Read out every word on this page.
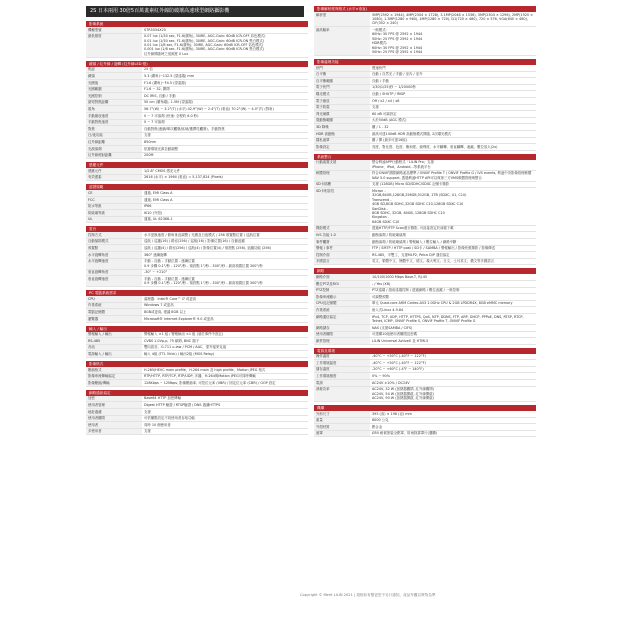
2S 日本兩用 30倍5百萬畫素紅外線防破壞高速球型網路攝影機
影像系統
機種型號	S7R5554X25
最低照度	0.07 lux (1/30 sec, F1.6(廣角), 30IRE, AGC-Gain: 60dB ICR-OFF 彩色模式)
0.01 lux (1/30 sec, F1.6(廣角), 30IRE, AGC-Gain: 60dB ICR-ON 黑白模式)
0.01 lux (1/8 sec, F1.6(廣角), 30IRE, AGC-Gain: 60dB ICR-OFF 彩色模式)
0.001 lux (1/8 sec, F1.6(廣角), 30IRE, AGC-Gain: 60dB ICR-ON 黑白模式)
紅外線開啟時之低照度 0 Lux
鏡頭 / 紅外線 / 旋轉 (紅外線LED 燈)
焦距	25 倍
鏡頭	5.3 (廣角)~132.5 (望遠端) mm
光圈值	F1.6 (廣角)~F4.5 (望遠端)
光圈範圍	F1.6 ~ 32, 開閉
光圈控制	DC IRIS, 自動 / 手動
最短對焦距離	50 cm (廣角端), 1.5M (望遠端)
視角	56.7°(W) ~ 3.2°(T) (水平) 42.9°(W) ~ 2.4°(T) (垂直) 70.2°(W) ~ 4.0°(T) (對角)
手動縮放速度	0 ~ 7 可偵測 (快速: 全程約 6.0 秒)
手動對焦速度	0 ~ 7 可偵測
對焦	自動對焦(連續/單次觸發/區域/選擇性觸發)，手動對焦
日/夜功能	支援
紅外線距離	850nm
光源偵測	依據環境光源自動調整
紅外線照射距離	200M
感應元件
感應元件	1/2.8" CMOS 感光元件
有效畫素	2616 (水平) × 1964 (垂直) = 5,137,824 (Pixels)
認證規範
CE	通過, EMI Class A
FCC	通過, EMI Class A
防水等級	IP66
防破壞等級	IK10 (外殼)
UL	通過, UL 62368-1
雲台
控制方式	水平更換速度 / 俯角垂直調整 / 光圈及日夜模式 / 256 預置點位置 / 巡航位置
自動掃描模式	巡航 / 巡邏(16) / 路徑(256) / 巡航(16) / 影像位置(16) / 自動追蹤
預置點	巡航 / 巡邏(4) / 路徑(256) / 巡航(4) / 影像位置(4) / 預設點 (256), 追蹤功能 (256)
水平旋轉角度	360° 連續旋轉
水平旋轉速度	手動 - 自動 - 手動位置 - 連續位置
0.9 步驟 0.1°/秒 - 120°/秒 - 預設點 1°/秒 - 300°/秒 - 最高預置位置 300°/秒
垂直旋轉角度	-30° ~ +210°
垂直旋轉速度	手動 - 自動 - 手動位置 - 連續位置
0.9 步驟 0.1°/秒 - 120°/秒 - 預設點 1°/秒 - 300°/秒 - 最高預置位置 300°/秒
PC 電腦系統需求
CPU	處理器：Intel® Core™ i7 或更高
作業系統	Windows 7 或更高
電腦記憶體	8GB或更高, 建議 8GB 以上
瀏覽器	Microsoft® Internet Explorer® 9.0 或更高
輸入 / 輸出
警報輸入 / 輸出	警報輸入 ×1 組 / 警報輸出 ×1 組 (須於事件中設定)
RS-485	CVBS 1.0Vp-p, 75 歐姆, BNC 端子
音訊	雙向語音，G.711 u-law / PCM / AAC，需外接麥克風
電源輸入 / 輸出	輸入 4組 (TTL 5Vdc) / 輸出2組 (MOS Relay)
影像格式
壓縮格式	H.265/HEVC main profile、H.264 main 及 high profile、Motion JPEG 格式
影像串流傳輸協定	RTP/HTTP, RTP/TCP, RTP/UDP, 多播、H.264與Motion JPEG可同時傳輸
影像壓縮/傳輸	128Kbps ~ 12Mbps, 影像壓縮率, 可控位元率 (VBR) / 固定位元率 (CBR) / GOP 設定
網路通訊協定
加密	Base64 HTTP 加密傳輸
使用者管理	Digest HTTP 驗證 / RTSP驗證 / DNS 過濾HTTPS
地址過濾	支援
使用者權限	可依權限設定不同使用者存取功能
使用者	同時 10 個使用者
多使用者	支援
影像解析度與格式 (水平×垂直)
解析度	5MP(2592 × 1944), 4MP(2304 × 1728), 3.1MP(2048 × 1536), 3MP(2304 × 1296), 2MP(1920 × 1080), 1.3MP(1280 × 960), 1MP(1280 × 720), D1(720 × 480), 720 × 576, VGA(640 × 480), CIF(352 × 240)
最高幀率	一般模式:
60Hz: 30 FPS @ 2592 × 1944
50Hz: 25 FPS @ 2592 × 1944
HDR模式:
60Hz: 30 FPS @ 2592 × 1944
50Hz: 25 FPS @ 2592 × 1944
影像處理功能
快門	慢速快門
白平衡	自動 / 自然光 / 手動 / 室內 / 室外
自平衡範圍	自動 / 手動
電子快門	1/30(1/25)秒 ~ 1/20000秒
曝光模式	自動 / SHUTP / IRISP
電子縮放	Off / x2 / x4 / x8
電子防震	支援
背光補償	60 dB 可調設定
寬動態範圍	大於50dB (AGC 模式)
3D 降噪	關 / 1 - 32
HDR 高動態	最高可達140dB HDR 高動態模式開啟, 2次曝光模式
隱私遮罩	關 / 開 (最多可達16區)
影像設定	亮度、對比度、色度、飽和度、銳利度、水平翻轉、垂直翻轉、遮蔽、數位放大(2x)
系統整合
行動裝置支援	整合利凌APP行動程式「LILIN Pro」支援
iPhone、iPad、Android…等系統平台
軟體管理	符合ONVIF國際網路產品標準 / ONVIF Profile T / ONVIF Profile G / IVS events, 利凌中央影像管理軟體NAV 5.0 support, 透過利凌HTTP API可以與第三方VMS軟體管理與整合
SD卡插槽	支援 (128GB) Micro SD/SDHC/SDXC 記憶卡錄影
SD卡相容性	Micron -
32GB,64GB,128GB,256GB,512GB, 1TB (SDXC, U1, C10)
Transcend -
4GB SD,8GB SDHC,32GB SDHC C10,128GB SDXC C10
SanDisk -
8GB SDHC, 32GB, 64GB, 128GB SDHC C10
Kingston -
64GB SDXC C10
錄影模式	透過HTTP/FTP Scan進行錄影, 可直接設定於前端下載
IVS 功能 1.0	動態偵測 / 防破壞偵測
事件觸發	動態偵測 / 防破壞偵測 / 警報輸入 / 數位輸入 / 網路中斷
警報 / 事件	FTP / SMTP / HTTP post / SD卡 / SAMBA / 警報輸出 / 影像快照錄影 / 影像傳送
控制介面	RS-485，半雙工，支援MLP2, Pelco D/P 通信協定
多國語言	英文、繁體中文、簡體中文、德文、義大利文、日文、土耳其文、俄文等多國語言
網路
網路介面	10/100/1000 Mbps Base-T, RJ-45
數位PTZ及ROI	- / Yes (X8)
PTZ控制	PTZ遠端 / 超前遠端控制 / 透過網路 / 數位追蹤 / 一般控制
影像串流顯示	可調整預覽
CPU及記憶體	單元 Quad-core ARM Cortex-A53 1.0GHz CPU & 2GB LPDDR4X, 8GB eMMC memory
作業系統	嵌入式Linux 4.9.84
網路通信協定	IPv4, TCP, UDP, HTTP, HTTPS, QoS, NTP, DDNS, FTP, ARP, DHCP, PPPoE, DNS, RTSP, RTCP, Telnet, ICMP, ONVIF Profile S, ONVIF Profile T, ONVIF Profile G
網路儲存	NAS (支援SAMBA / CIFS)
使用者權限	可建構10組使用者權限及密碼
網頁管理	LILIN Universal ActiveX 及 HTML5
電源及環境
操作溫度	-40°C ~ +50°C (-40°F ~ 122°F)
工作環境溫度	-40°C ~ +50°C (-40°F ~ 122°F)
儲存溫度	-20°C ~ +60°C (-4°F ~ 140°F)
工作環境濕度	0% ~ 90%
電源	AC24V ±10% / DC24V
消耗功率	AC24V, 32 W (加熱器關閉, 紅外線關閉)
AC24V, 54 W (加熱器開啟, 紅外線開啟)
AC24V, 90 W (加熱器開啟, 紅外線開啟)
機構
外形尺寸	395 (高) × 198 (徑) mm
重量	6000 公克
外殼材質	鋁合金
遮罩	Ø55 耐候塗裝全鋁罩，防雨除霧罩片(選購)
Copyright © Merit LILIN 2021 | 規格如有變更恕不另行通知，產品外觀以實物為準
